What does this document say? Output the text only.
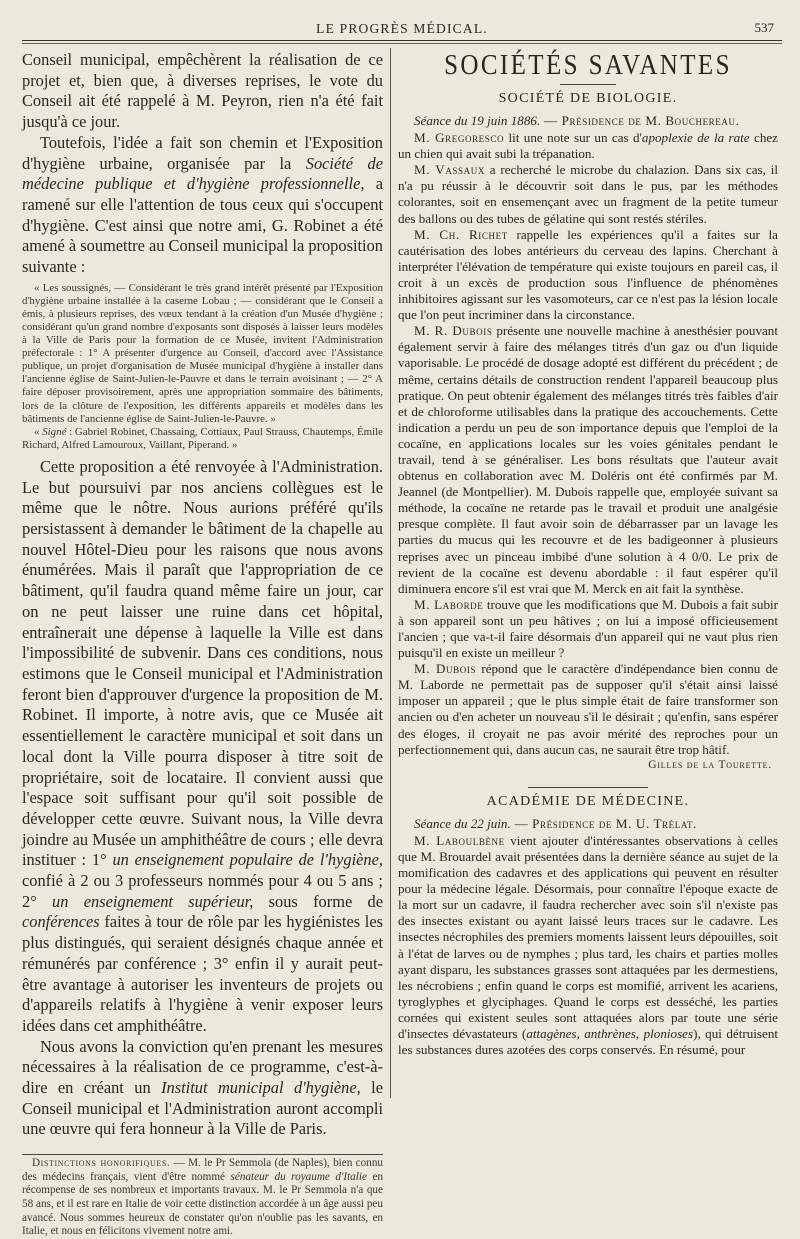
LE PROGRÈS MÉDICAL.	537

Conseil municipal, empêchèrent la réalisation de ce projet et, bien que, à diverses reprises, le vote du Conseil ait été rappelé à M. Peyron, rien n'a été fait jusqu'à ce jour.

Toutefois, l'idée a fait son chemin et l'Exposition d'hygiène urbaine, organisée par la Société de médecine publique et d'hygiène professionnelle, a ramené sur elle l'attention de tous ceux qui s'occupent d'hygiène. C'est ainsi que notre ami, G. Robinet a été amené à soumettre au Conseil municipal la proposition suivante :

« Les soussignés, — Considérant le très grand intérêt présenté par l'Exposition d'hygiène urbaine installée à la caserne Lobau ; — considérant que le Conseil a émis, à plusieurs reprises, des vœux tendant à la création d'un Musée d'hygiène ; considérant qu'un grand nombre d'exposants sont disposés à laisser leurs modèles à la Ville de Paris pour la formation de ce Musée, invitent l'Administration préfectorale : 1° A présenter d'urgence au Conseil, d'accord avec l'Assistance publique, un projet d'organisation de Musée municipal d'hygiène à installer dans l'ancienne église de Saint-Julien-le-Pauvre et dans le terrain avoisinant ; — 2° A faire déposer provisoirement, après une appropriation sommaire des bâtiments, lors de la clôture de l'exposition, les différents appareils et modèles dans les bâtiments de l'ancienne église de Saint-Julien-le-Pauvre. »

« Signé : Gabriel Robinet, Chassaing, Cottiaux, Paul Strauss, Chautemps, Émile Richard, Alfred Lamouroux, Vaillant, Piperand. »

Cette proposition a été renvoyée à l'Administration. Le but poursuivi par nos anciens collègues est le même que le nôtre. Nous aurions préféré qu'ils persistassent à demander le bâtiment de la chapelle au nouvel Hôtel-Dieu pour les raisons que nous avons énumérées. Mais il paraît que l'appropriation de ce bâtiment, qu'il faudra quand même faire un jour, car on ne peut laisser une ruine dans cet hôpital, entraînerait une dépense à laquelle la Ville est dans l'impossibilité de subvenir. Dans ces conditions, nous estimons que le Conseil municipal et l'Administration feront bien d'approuver d'urgence la proposition de M. Robinet. Il importe, à notre avis, que ce Musée ait essentiellement le caractère municipal et soit dans un local dont la Ville pourra disposer à titre soit de propriétaire, soit de locataire. Il convient aussi que l'espace soit suffisant pour qu'il soit possible de développer cette œuvre. Suivant nous, la Ville devra joindre au Musée un amphithéâtre de cours ; elle devra instituer : 1° un enseignement populaire de l'hygiène, confié à 2 ou 3 professeurs nommés pour 4 ou 5 ans ; 2° un enseignement supérieur, sous forme de conférences faites à tour de rôle par les hygiénistes les plus distingués, qui seraient désignés chaque année et rémunérés par conférence ; 3° enfin il y aurait peut-être avantage à autoriser les inventeurs de projets ou d'appareils relatifs à l'hygiène à venir exposer leurs idées dans cet amphithéâtre.

Nous avons la conviction qu'en prenant les mesures nécessaires à la réalisation de ce programme, c'est-à-dire en créant un Institut municipal d'hygiène, le Conseil municipal et l'Administration auront accompli une œuvre qui fera honneur à la Ville de Paris.

Distinctions honorifiques. — M. le Pr Semmola (de Naples), bien connu des médecins français, vient d'être nommé sénateur du royaume d'Italie en récompense de ses nombreux et importants travaux. M. le Pr Semmola n'a que 58 ans, et il est rare en Italie de voir cette distinction accordée à un âge aussi peu avancé. Nous sommes heureux de constater qu'on n'oublie pas les savants, en Italie, et nous en félicitons vivement notre ami.

SOCIÉTÉS SAVANTES
SOCIÉTÉ DE BIOLOGIE.

Séance du 19 juin 1886. — Présidence de M. Bouchereau.

M. Gregoresco lit une note sur un cas d'apoplexie de la rate chez un chien qui avait subi la trépanation.

M. Vassaux a recherché le microbe du chalazion. Dans six cas, il n'a pu réussir à le découvrir soit dans le pus, par les méthodes colorantes, soit en ensemençant avec un fragment de la petite tumeur des ballons ou des tubes de gélatine qui sont restés stériles.

M. Ch. Richet rappelle les expériences qu'il a faites sur la cautérisation des lobes antérieurs du cerveau des lapins. Cherchant à interpréter l'élévation de température qui existe toujours en pareil cas, il croit à un excès de production sous l'influence de phénomènes inhibitoires agissant sur les vasomoteurs, car ce n'est pas la lésion locale que l'on peut incriminer dans la circonstance.

M. R. Dubois présente une nouvelle machine à anesthésier pouvant également servir à faire des mélanges titrés d'un gaz ou d'un liquide vaporisable. Le procédé de dosage adopté est différent du précédent ; de même, certains détails de construction rendent l'appareil beaucoup plus pratique. On peut obtenir également des mélanges titrés très faibles d'air et de chloroforme utilisables dans la pratique des accouchements. Cette indication a perdu un peu de son importance depuis que l'emploi de la cocaïne, en applications locales sur les voies génitales pendant le travail, tend à se généraliser. Les bons résultats que l'auteur avait obtenus en collaboration avec M. Doléris ont été confirmés par M. Jeannel (de Montpellier). M. Dubois rappelle que, employée suivant sa méthode, la cocaïne ne retarde pas le travail et produit une analgésie presque complète. Il faut avoir soin de débarrasser par un lavage les parties du mucus qui les recouvre et de les badigeonner à plusieurs reprises avec un pinceau imbibé d'une solution à 4 0/0. Le prix de revient de la cocaïne est devenu abordable : il faut espérer qu'il diminuera encore s'il est vrai que M. Merck en ait fait la synthèse.

M. Laborde trouve que les modifications que M. Dubois a fait subir à son appareil sont un peu hâtives ; on lui a imposé officieusement l'ancien ; que va-t-il faire désormais d'un appareil qui ne vaut plus rien puisqu'il en existe un meilleur ?

M. Dubois répond que le caractère d'indépendance bien connu de M. Laborde ne permettait pas de supposer qu'il s'était ainsi laissé imposer un appareil ; que le plus simple était de faire transformer son ancien ou d'en acheter un nouveau s'il le désirait ; qu'enfin, sans espérer des éloges, il croyait ne pas avoir mérité des reproches pour un perfectionnement qui, dans aucun cas, ne saurait être trop hâtif.

Gilles de la Tourette.
ACADÉMIE DE MÉDECINE.

Séance du 22 juin. — Présidence de M. U. Trélat.

M. Laboulbène vient ajouter d'intéressantes observations à celles que M. Brouardel avait présentées dans la dernière séance au sujet de la momification des cadavres et des applications qui peuvent en résulter pour la médecine légale. Désormais, pour connaître l'époque exacte de la mort sur un cadavre, il faudra rechercher avec soin s'il n'existe pas des insectes existant ou ayant laissé leurs traces sur le cadavre. Les insectes nécrophiles des premiers moments laissent leurs dépouilles, soit à l'état de larves ou de nymphes ; plus tard, les chairs et parties molles ayant disparu, les substances grasses sont attaquées par les dermestiens, les nécrobiens ; enfin quand le corps est momifié, arrivent les acariens, tyroglyphes et glyciphages. Quand le corps est desséché, les parties cornées qui existent seules sont attaquées alors par toute une série d'insectes dévastateurs (attagènes, anthrènes, plonioses), qui détruisent les substances dures azotées des corps conservés. En résumé, pour
